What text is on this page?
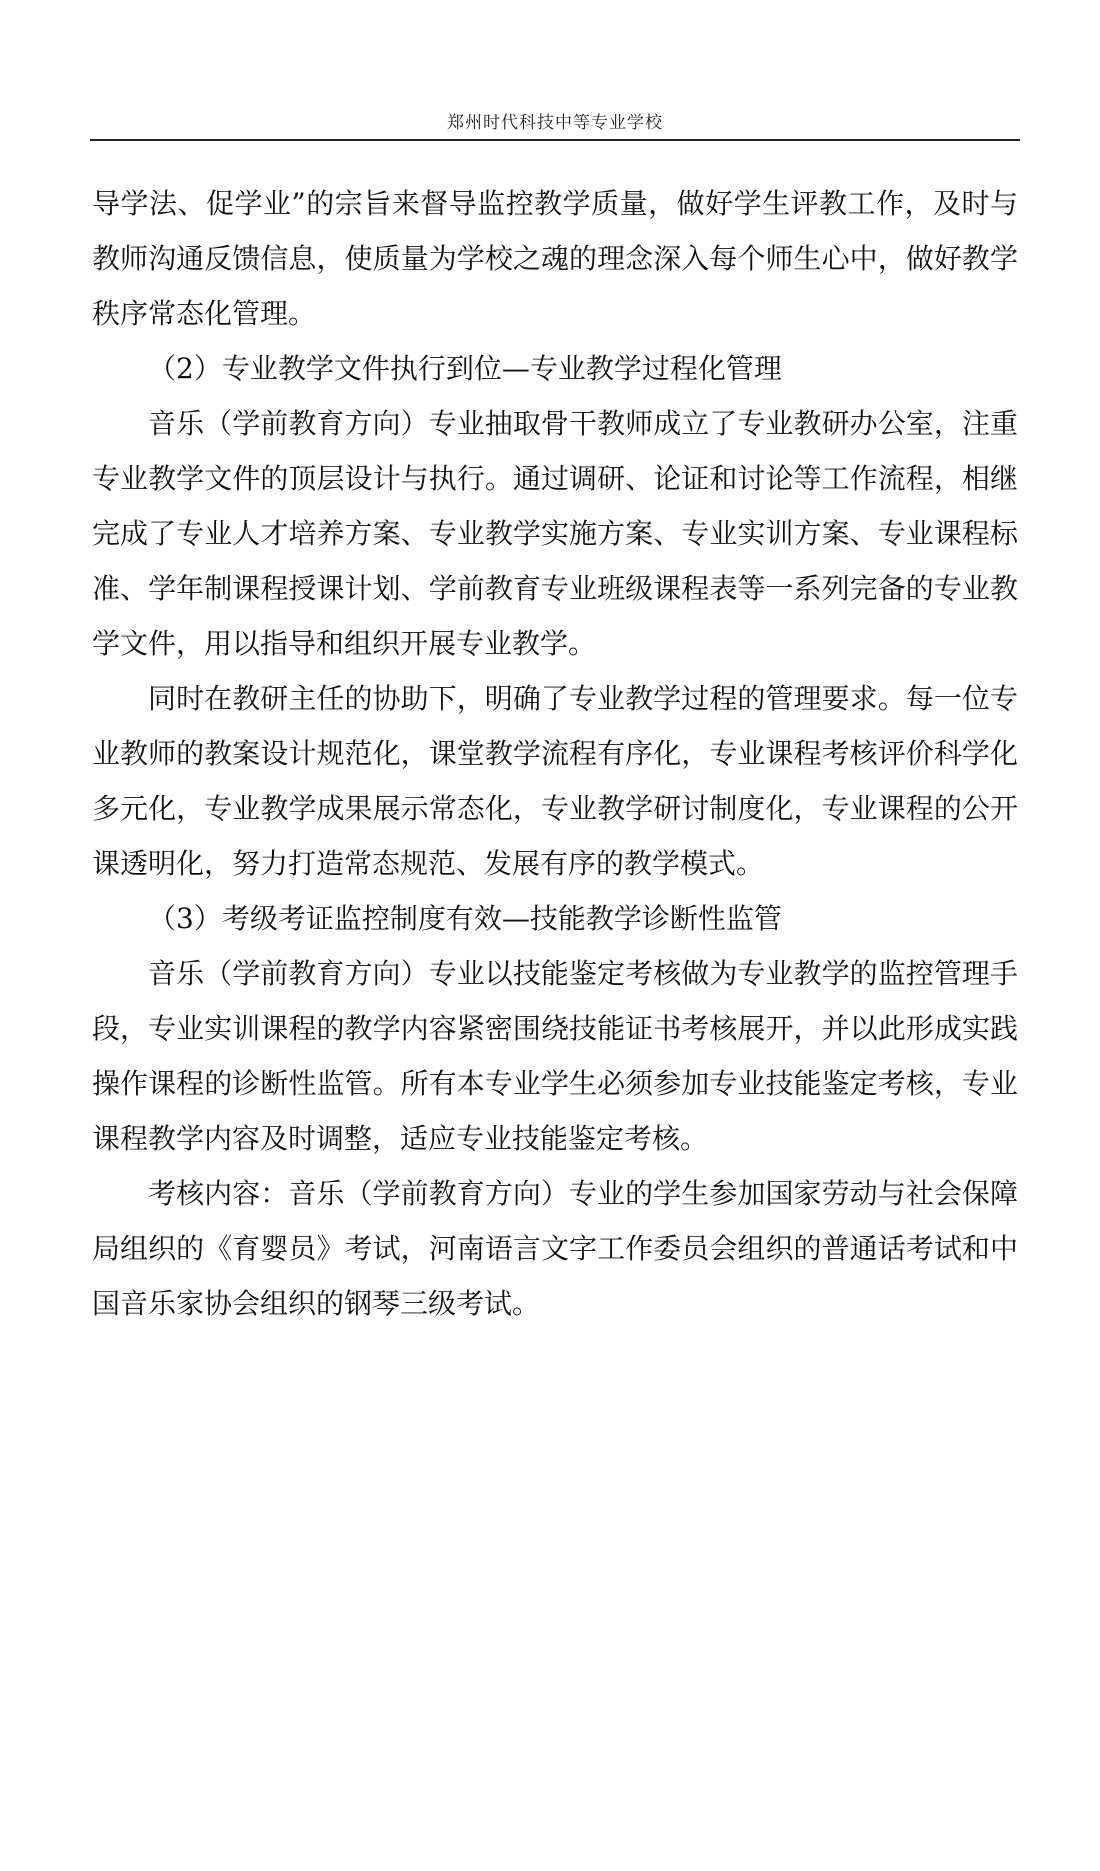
郑州时代科技中等专业学校

导学法、促学业”的宗旨来督导监控教学质量，做好学生评教工作，及时与教师沟通反馈信息，使质量为学校之魂的理念深入每个师生心中，做好教学秩序常态化管理。

（2）专业教学文件执行到位—专业教学过程化管理

音乐（学前教育方向）专业抽取骨干教师成立了专业教研办公室，注重专业教学文件的顶层设计与执行。通过调研、论证和讨论等工作流程，相继完成了专业人才培养方案、专业教学实施方案、专业实训方案、专业课程标准、学年制课程授课计划、学前教育专业班级课程表等一系列完备的专业教学文件，用以指导和组织开展专业教学。

同时在教研主任的协助下，明确了专业教学过程的管理要求。每一位专业教师的教案设计规范化，课堂教学流程有序化，专业课程考核评价科学化多元化，专业教学成果展示常态化，专业教学研讨制度化，专业课程的公开课透明化，努力打造常态规范、发展有序的教学模式。

（3）考级考证监控制度有效—技能教学诊断性监管

音乐（学前教育方向）专业以技能鉴定考核做为专业教学的监控管理手段，专业实训课程的教学内容紧密围绕技能证书考核展开，并以此形成实践操作课程的诊断性监管。所有本专业学生必须参加专业技能鉴定考核，专业课程教学内容及时调整，适应专业技能鉴定考核。

考核内容：音乐（学前教育方向）专业的学生参加国家劳动与社会保障局组织的《育婴员》考试，河南语言文字工作委员会组织的普通话考试和中国音乐家协会组织的钢琴三级考试。
